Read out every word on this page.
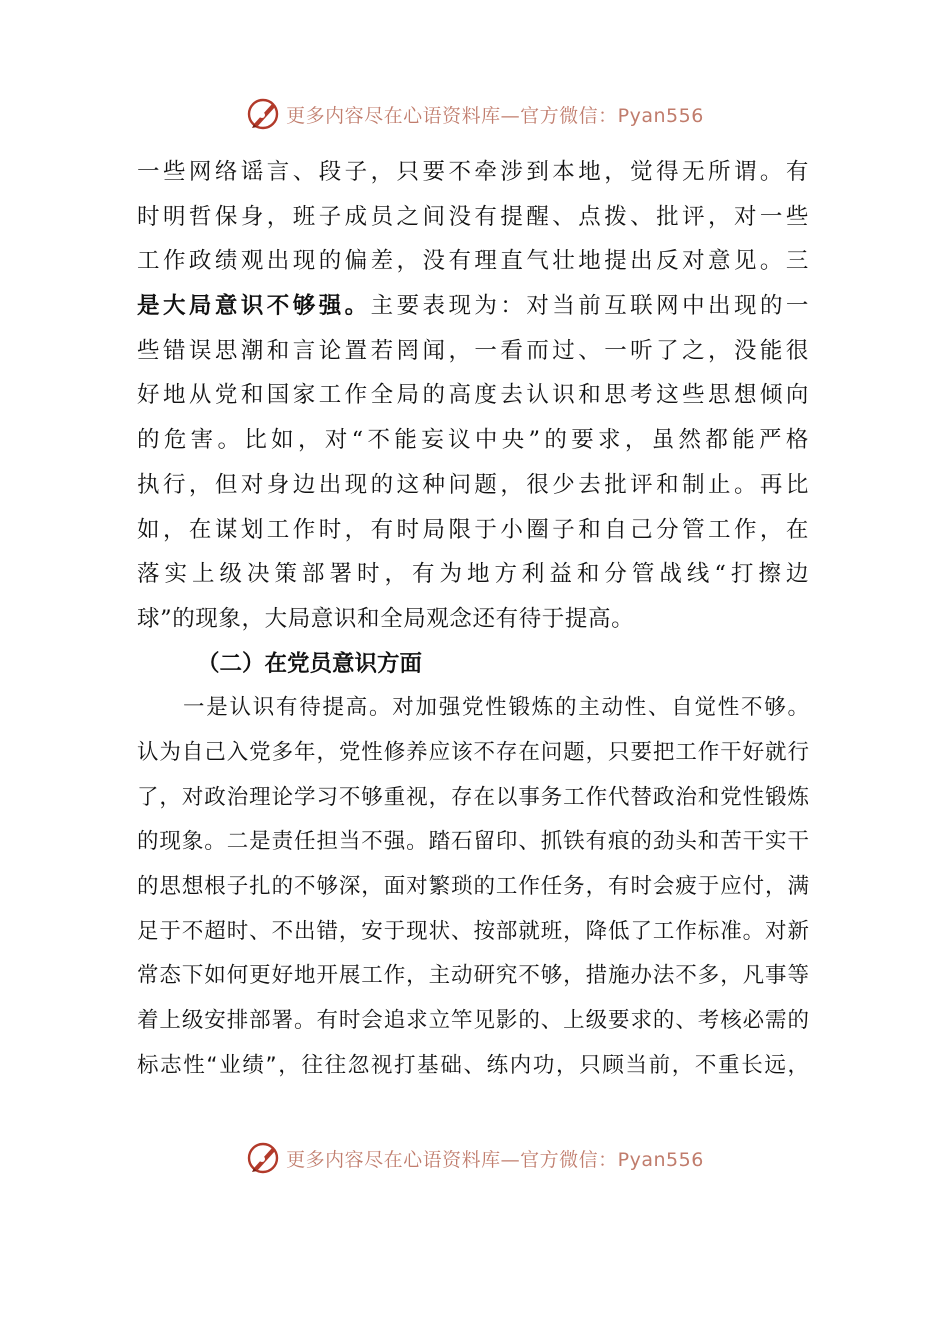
更多内容尽在心语资料库—官方微信：Pyan556
一些网络谣言、段子，只要不牵涉到本地，觉得无所谓。有
时明哲保身，班子成员之间没有提醒、点拨、批评，对一些
工作政绩观出现的偏差，没有理直气壮地提出反对意见。三
是大局意识不够强。主要表现为：对当前互联网中出现的一
些错误思潮和言论置若罔闻，一看而过、一听了之，没能很
好地从党和国家工作全局的高度去认识和思考这些思想倾向
的危害。比如，对“不能妄议中央”的要求，虽然都能严格
执行，但对身边出现的这种问题，很少去批评和制止。再比
如，在谋划工作时，有时局限于小圈子和自己分管工作，在
落实上级决策部署时，有为地方利益和分管战线“打擦边
球”的现象，大局意识和全局观念还有待于提高。
（二）在党员意识方面
一是认识有待提高。对加强党性锻炼的主动性、自觉性不够。
认为自己入党多年，党性修养应该不存在问题，只要把工作干好就行
了，对政治理论学习不够重视，存在以事务工作代替政治和党性锻炼
的现象。二是责任担当不强。踏石留印、抓铁有痕的劲头和苦干实干
的思想根子扎的不够深，面对繁琐的工作任务，有时会疲于应付，满
足于不超时、不出错，安于现状、按部就班，降低了工作标准。对新
常态下如何更好地开展工作，主动研究不够，措施办法不多，凡事等
着上级安排部署。有时会追求立竿见影的、上级要求的、考核必需的
标志性“业绩”，往往忽视打基础、练内功，只顾当前，不重长远，
更多内容尽在心语资料库—官方微信：Pyan556
